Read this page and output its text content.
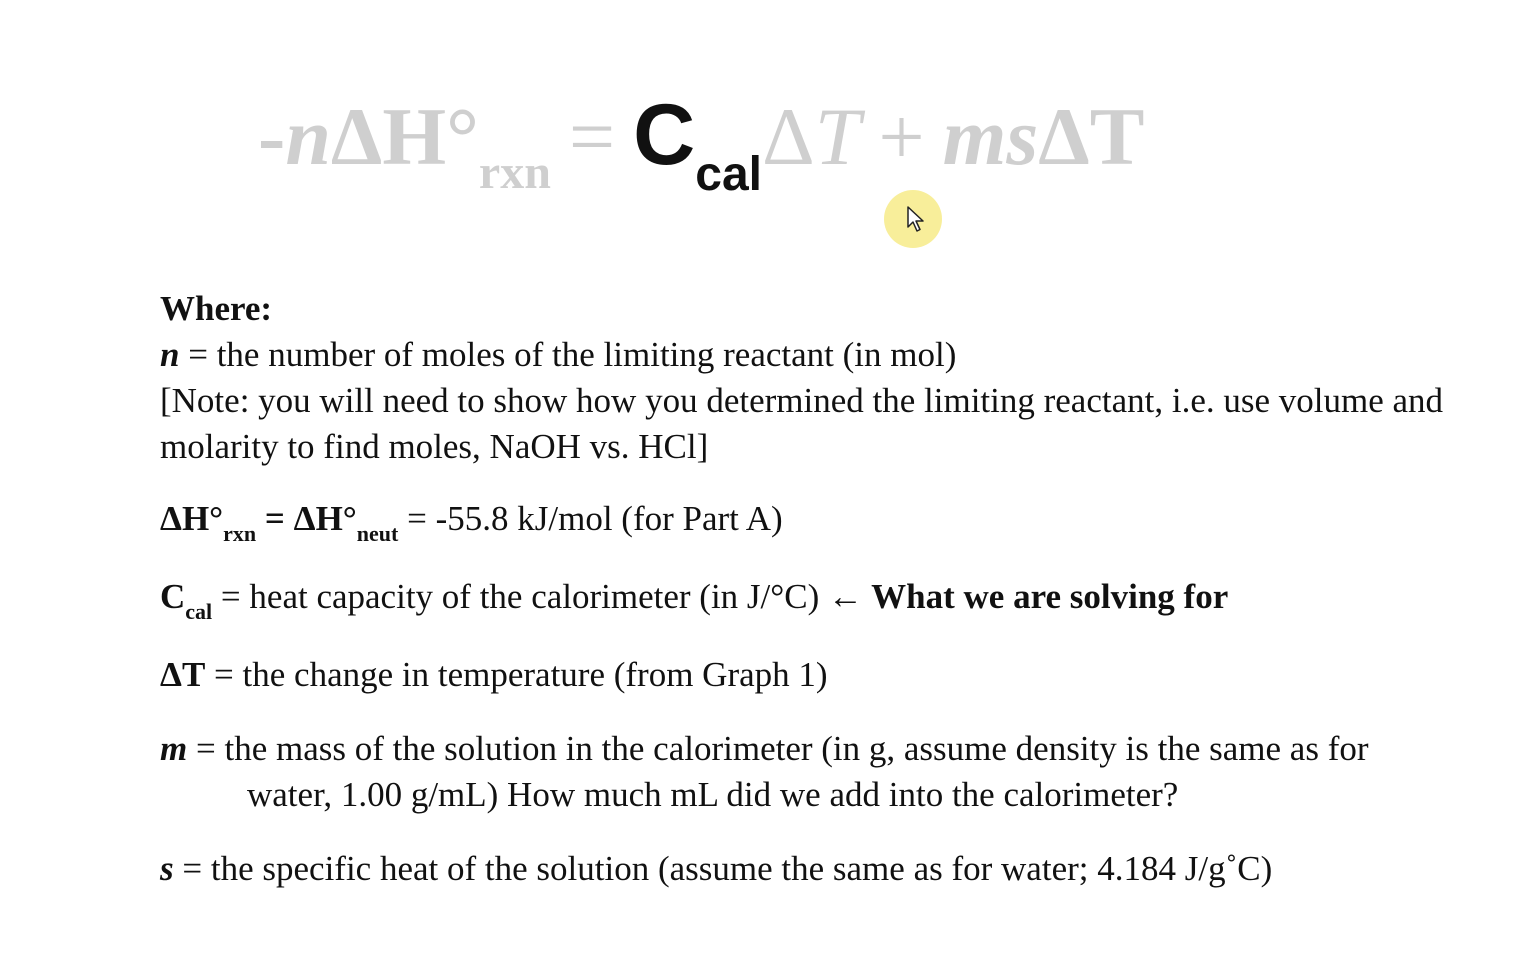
$-n\Delta H^\circ_{rxn} = C_{cal}\Delta T + ms\Delta T$
Where:
n = the number of moles of the limiting reactant (in mol)
[Note: you will need to show how you determined the limiting reactant, i.e. use volume and molarity to find moles, NaOH vs. HCl]
$\Delta H^\circ_{rxn} = \Delta H^\circ_{neut} = -55.8$ kJ/mol (for Part A)
$C_{cal}$ = heat capacity of the calorimeter (in J/°C) ← What we are solving for
ΔT = the change in temperature (from Graph 1)
m = the mass of the solution in the calorimeter (in g, assume density is the same as for
water, 1.00 g/mL) How much mL did we add into the calorimeter?
s = the specific heat of the solution (assume the same as for water; 4.184 J/g˚C)
